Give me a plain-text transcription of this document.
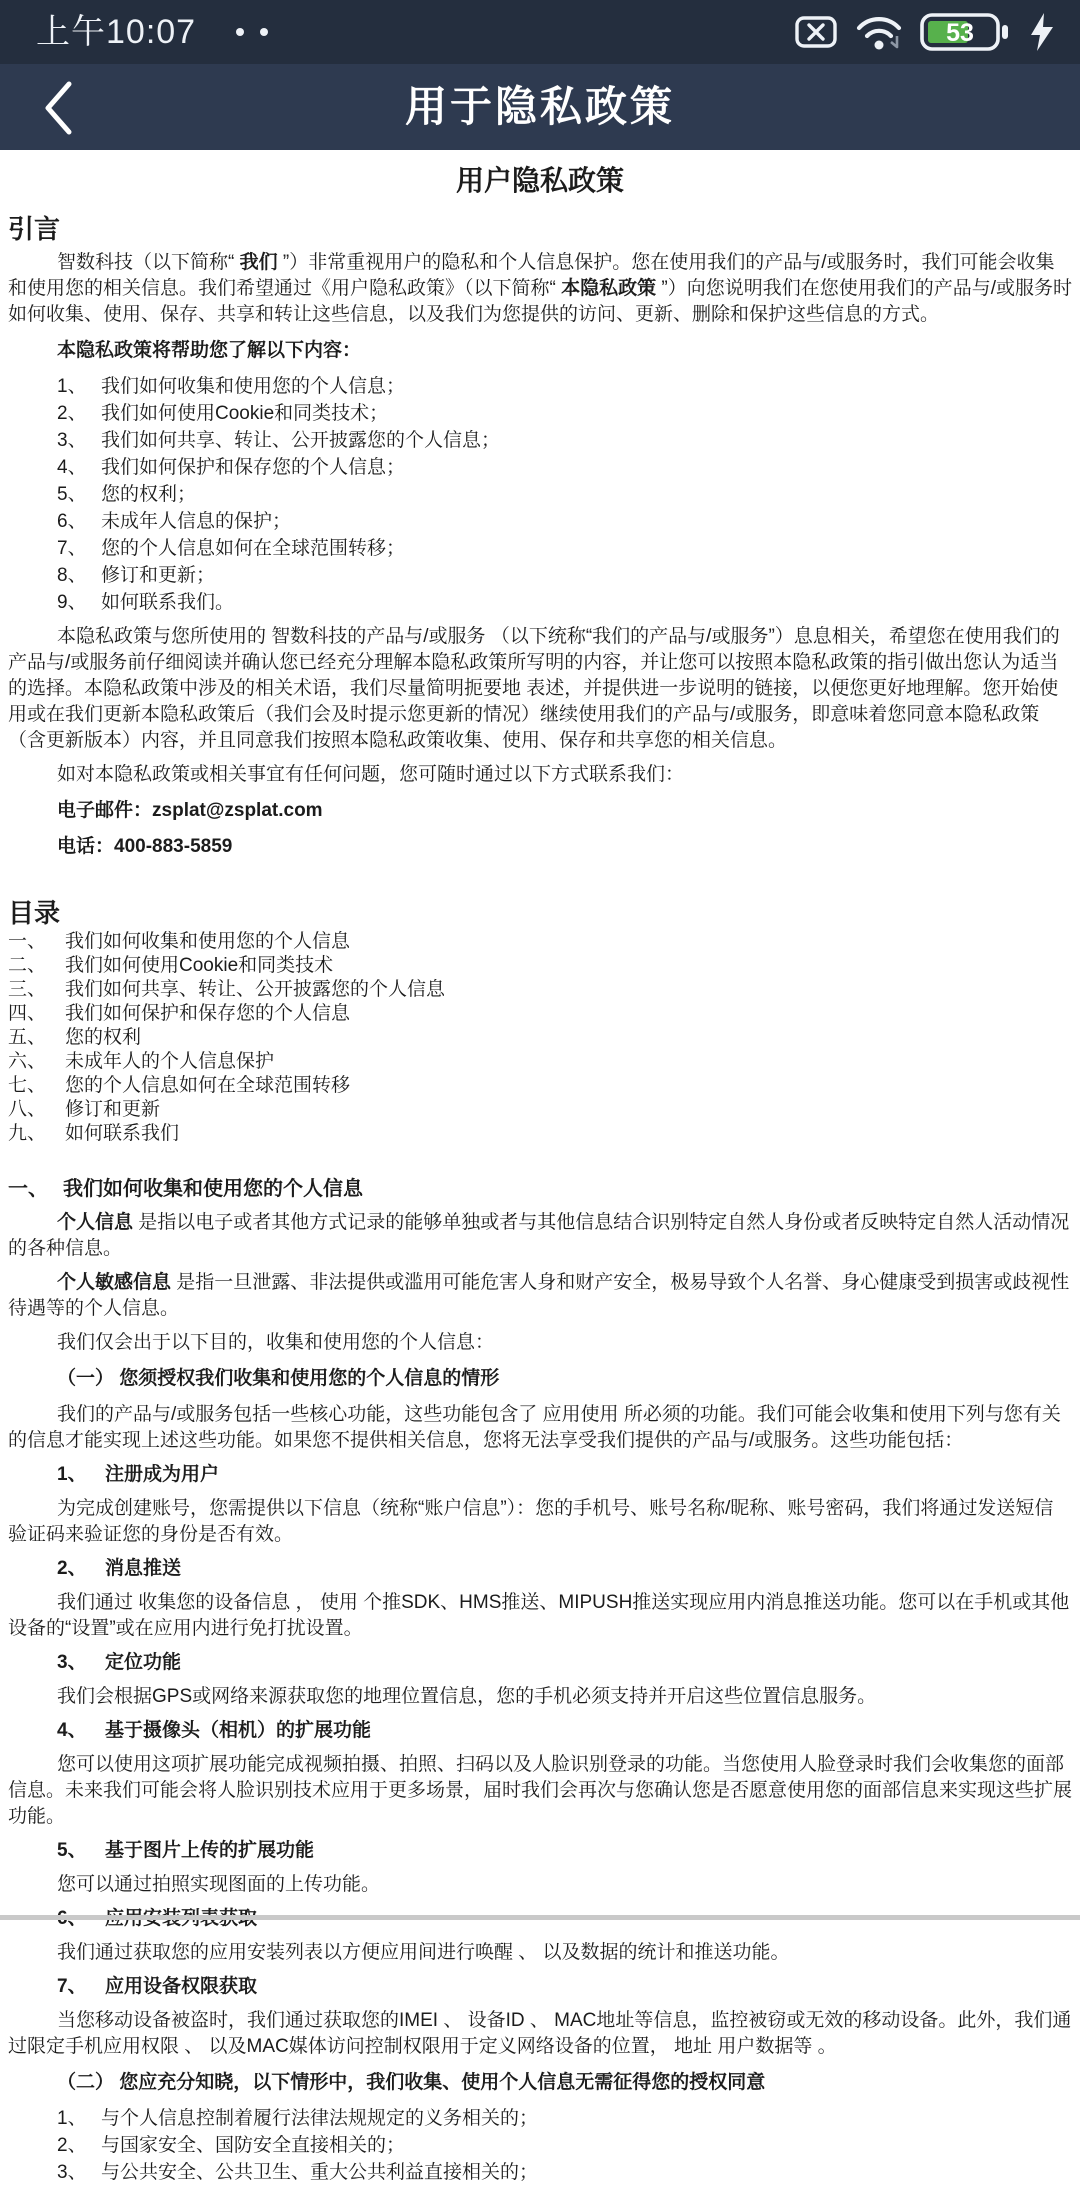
上午10:07	53
用于隐私政策
用户隐私政策
引言

智数科技（以下简称“ 我们 ”）非常重视用户的隐私和个人信息保护。您在使用我们的产品与/或服务时，我们可能会收集和使用您的相关信息。我们希望通过《用户隐私政策》（以下简称“ 本隐私政策 ”）向您说明我们在您使用我们的产品与/或服务时如何收集、使用、保存、共享和转让这些信息，以及我们为您提供的访问、更新、删除和保护这些信息的方式。

本隐私政策将帮助您了解以下内容：
1、 我们如何收集和使用您的个人信息；
2、 我们如何使用Cookie和同类技术；
3、 我们如何共享、转让、公开披露您的个人信息；
4、 我们如何保护和保存您的个人信息；
5、 您的权利；
6、 未成年人信息的保护；
7、 您的个人信息如何在全球范围转移；
8、 修订和更新；
9、 如何联系我们。

本隐私政策与您所使用的 智数科技的产品与/或服务 （以下统称“我们的产品与/或服务”）息息相关，希望您在使用我们的产品与/或服务前仔细阅读并确认您已经充分理解本隐私政策所写明的内容，并让您可以按照本隐私政策的指引做出您认为适当的选择。本隐私政策中涉及的相关术语，我们尽量简明扼要地 表述，并提供进一步说明的链接，以便您更好地理解。您开始使用或在我们更新本隐私政策后（我们会及时提示您更新的情况）继续使用我们的产品与/或服务，即意味着您同意本隐私政策（含更新版本）内容，并且同意我们按照本隐私政策收集、使用、保存和共享您的相关信息。

如对本隐私政策或相关事宜有任何问题，您可随时通过以下方式联系我们：

电子邮件：zsplat@zsplat.com
电话：400-883-5859
目录
一、 我们如何收集和使用您的个人信息
二、 我们如何使用Cookie和同类技术
三、 我们如何共享、转让、公开披露您的个人信息
四、 我们如何保护和保存您的个人信息
五、 您的权利
六、 未成年人的个人信息保护
七、 您的个人信息如何在全球范围转移
八、 修订和更新
九、 如何联系我们
一、 我们如何收集和使用您的个人信息

个人信息 是指以电子或者其他方式记录的能够单独或者与其他信息结合识别特定自然人身份或者反映特定自然人活动情况的各种信息。

个人敏感信息 是指一旦泄露、非法提供或滥用可能危害人身和财产安全，极易导致个人名誉、身心健康受到损害或歧视性待遇等的个人信息。

我们仅会出于以下目的，收集和使用您的个人信息：

（一） 您须授权我们收集和使用您的个人信息的情形

我们的产品与/或服务包括一些核心功能，这些功能包含了 应用使用 所必须的功能。我们可能会收集和使用下列与您有关的信息才能实现上述这些功能。如果您不提供相关信息，您将无法享受我们提供的产品与/或服务。这些功能包括：

1、 注册成为用户

为完成创建账号，您需提供以下信息（统称“账户信息”）：您的手机号、账号名称/昵称、账号密码，我们将通过发送短信验证码来验证您的身份是否有效。

2、 消息推送

我们通过 收集您的设备信息 ， 使用 个推SDK、HMS推送、MIPUSH推送实现应用内消息推送功能。您可以在手机或其他设备的“设置”或在应用内进行免打扰设置。

3、 定位功能

我们会根据GPS或网络来源获取您的地理位置信息，您的手机必须支持并开启这些位置信息服务。

4、 基于摄像头（相机）的扩展功能

您可以使用这项扩展功能完成视频拍摄、拍照、扫码以及人脸识别登录的功能。当您使用人脸登录时我们会收集您的面部信息。未来我们可能会将人脸识别技术应用于更多场景，届时我们会再次与您确认您是否愿意使用您的面部信息来实现这些扩展功能。

5、 基于图片上传的扩展功能

您可以通过拍照实现图面的上传功能。

我们通过获取您的应用安装列表以方便应用间进行唤醒 、 以及数据的统计和推送功能。

7、 应用设备权限获取

当您移动设备被盗时，我们通过获取您的IMEI 、 设备ID 、 MAC地址等信息，监控被窃或无效的移动设备。此外，我们通过限定手机应用权限 、 以及MAC媒体访问控制权限用于定义网络设备的位置， 地址 用户数据等 。

（二） 您应充分知晓，以下情形中，我们收集、使用个人信息无需征得您的授权同意
1、 与个人信息控制着履行法律法规规定的义务相关的；
2、 与国家安全、国防安全直接相关的；
3、 与公共安全、公共卫生、重大公共利益直接相关的；
